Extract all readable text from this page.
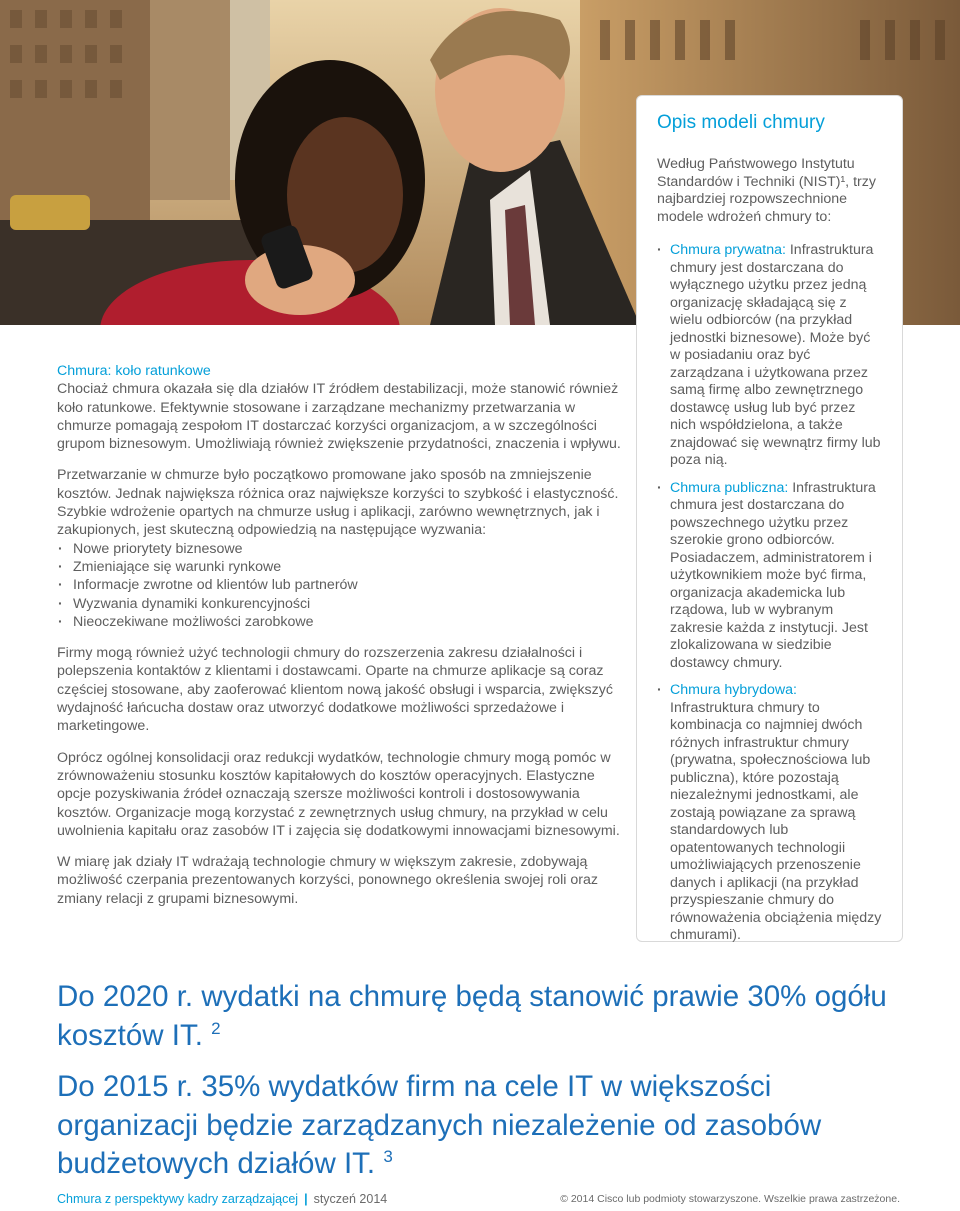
Chmura: koło ratunkowe
Chociaż chmura okazała się dla działów IT źródłem destabilizacji, może stanowić również koło ratunkowe. Efektywnie stosowane i zarządzane mechanizmy przetwarzania w chmurze pomagają zespołom IT dostarczać korzyści organizacjom, a w szczególności grupom biznesowym. Umożliwiają również zwiększenie przydatności, znaczenia i wpływu.

Przetwarzanie w chmurze było początkowo promowane jako sposób na zmniejszenie kosztów. Jednak największa różnica oraz największe korzyści to szybkość i elastyczność. Szybkie wdrożenie opartych na chmurze usług i aplikacji, zarówno wewnętrznych, jak i zakupionych, jest skuteczną odpowiedzią na następujące wyzwania:

· Nowe priorytety biznesowe
· Zmieniające się warunki rynkowe
· Informacje zwrotne od klientów lub partnerów
· Wyzwania dynamiki konkurencyjności
· Nieoczekiwane możliwości zarobkowe

Firmy mogą również użyć technologii chmury do rozszerzenia zakresu działalności i polepszenia kontaktów z klientami i dostawcami. Oparte na chmurze aplikacje są coraz częściej stosowane, aby zaoferować klientom nową jakość obsługi i wsparcia, zwiększyć wydajność łańcucha dostaw oraz utworzyć dodatkowe możliwości sprzedażowe i marketingowe.

Oprócz ogólnej konsolidacji oraz redukcji wydatków, technologie chmury mogą pomóc w zrównoważeniu stosunku kosztów kapitałowych do kosztów operacyjnych. Elastyczne opcje pozyskiwania źródeł oznaczają szersze możliwości kontroli i dostosowywania kosztów. Organizacje mogą korzystać z zewnętrznych usług chmury, na przykład w celu uwolnienia kapitału oraz zasobów IT i zajęcia się dodatkowymi innowacjami biznesowymi.

W miarę jak działy IT wdrażają technologie chmury w większym zakresie, zdobywają możliwość czerpania prezentowanych korzyści, ponownego określenia swojej roli oraz zmiany relacji z grupami biznesowymi.

Opis modeli chmury

Według Państwowego Instytutu Standardów i Techniki (NIST)¹, trzy najbardziej rozpowszechnione modele wdrożeń chmury to:

· Chmura prywatna: Infrastruktura chmury jest dostarczana do wyłącznego użytku przez jedną organizację składającą się z wielu odbiorców (na przykład jednostki biznesowe). Może być w posiadaniu oraz być zarządzana i użytkowana przez samą firmę albo zewnętrznego dostawcę usług lub być przez nich współdzielona, a także znajdować się wewnątrz firmy lub poza nią.
· Chmura publiczna: Infrastruktura chmura jest dostarczana do powszechnego użytku przez szerokie grono odbiorców. Posiadaczem, administratorem i użytkownikiem może być firma, organizacja akademicka lub rządowa, lub w wybranym zakresie każda z instytucji. Jest zlokalizowana w siedzibie dostawcy chmury.
· Chmura hybrydowa: Infrastruktura chmury to kombinacja co najmniej dwóch różnych infrastruktur chmury (prywatna, społecznościowa lub publiczna), które pozostają niezależnymi jednostkami, ale zostają powiązane za sprawą standardowych lub opatentowanych technologii umożliwiających przenoszenie danych i aplikacji (na przykład przyspieszanie chmury do równoważenia obciążenia między chmurami).

Do 2020 r. wydatki na chmurę będą stanowić prawie 30% ogółu kosztów IT. $^2$

Do 2015 r. 35% wydatków firm na cele IT w większości organizacji będzie zarządzanych niezależenie od zasobów budżetowych działów IT. $^3$

Chmura z perspektywy kadry zarządzającej | styczeń 2014	© 2014 Cisco lub podmioty stowarzyszone. Wszelkie prawa zastrzeżone.
